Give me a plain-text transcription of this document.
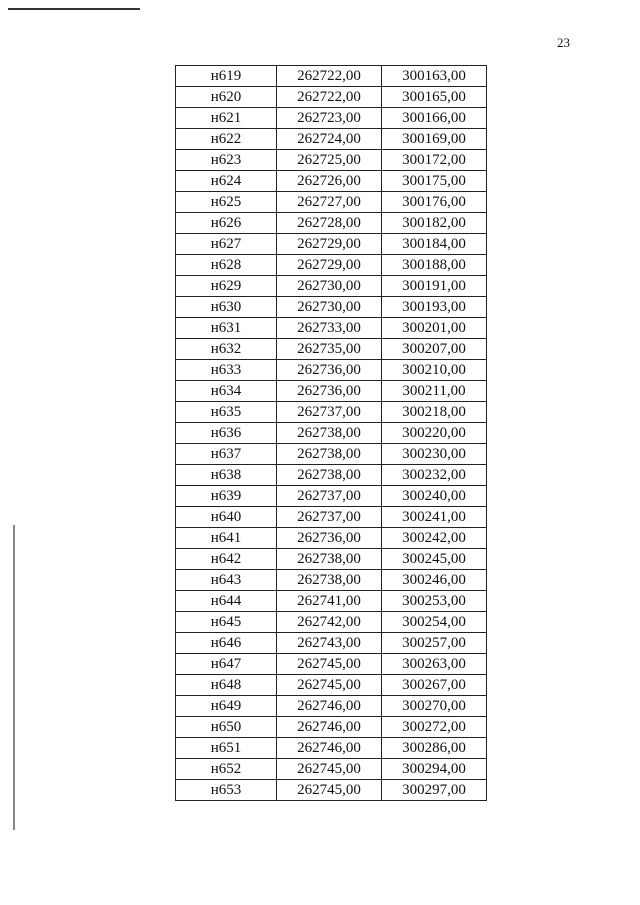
23
н619	262722,00	300163,00
н620	262722,00	300165,00
н621	262723,00	300166,00
н622	262724,00	300169,00
н623	262725,00	300172,00
н624	262726,00	300175,00
н625	262727,00	300176,00
н626	262728,00	300182,00
н627	262729,00	300184,00
н628	262729,00	300188,00
н629	262730,00	300191,00
н630	262730,00	300193,00
н631	262733,00	300201,00
н632	262735,00	300207,00
н633	262736,00	300210,00
н634	262736,00	300211,00
н635	262737,00	300218,00
н636	262738,00	300220,00
н637	262738,00	300230,00
н638	262738,00	300232,00
н639	262737,00	300240,00
н640	262737,00	300241,00
н641	262736,00	300242,00
н642	262738,00	300245,00
н643	262738,00	300246,00
н644	262741,00	300253,00
н645	262742,00	300254,00
н646	262743,00	300257,00
н647	262745,00	300263,00
н648	262745,00	300267,00
н649	262746,00	300270,00
н650	262746,00	300272,00
н651	262746,00	300286,00
н652	262745,00	300294,00
н653	262745,00	300297,00
